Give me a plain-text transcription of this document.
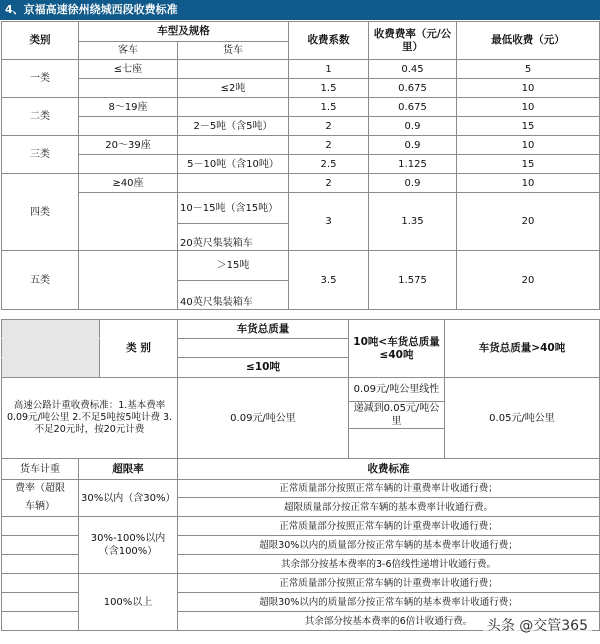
4、京福高速徐州绕城西段收费标准
类别	车型及规格		收费系数	收费费率（元/公里）	最低收费（元）
	客车	货车			
一类	≤七座		1	0.45	5
		≤2吨	1.5	0.675	10
二类	8～19座		1.5	0.675	10
		2－5吨（含5吨）	2	0.9	15
三类	20～39座		2	0.9	10
		5－10吨（含10吨）	2.5	1.125	15
四类	≥40座		2	0.9	10
		10－15吨（含15吨）	3	1.35	20
		20英尺集装箱车			
五类		＞15吨	3.5	1.575	20
		40英尺集装箱车			
	类 别	车货总质量	10吨<车货总质量≤40吨	车货总质量>40吨

		≤10吨		
高速公路计重收费标准：1.基本费率0.09元/吨公里 2.不足5吨按5吨计费 3.不足20元时，按20元计费		0.09元/吨公里	0.09元/吨公里线性	0.05元/吨公里
			递减到0.05元/吨公里	

货车计重	超限率	收费标准
费率（超限	30%以内（含30%）	正常质量部分按照正常车辆的计重费率计收通行费；
车辆）		超限质量部分按正常车辆的基本费率计收通行费。
	30%-100%以内（含100%）	正常质量部分按照正常车辆的计重费率计收通行费；
		超限30%以内的质量部分按正常车辆的基本费率计收通行费；
		其余部分按基本费率的3-6倍线性递增计收通行费。
	100%以上	正常质量部分按照正常车辆的计重费率计收通行费；
		超限30%以内的质量部分按正常车辆的基本费率计收通行费；
		其余部分按基本费率的6倍计收通行费。 头条 @交管365
